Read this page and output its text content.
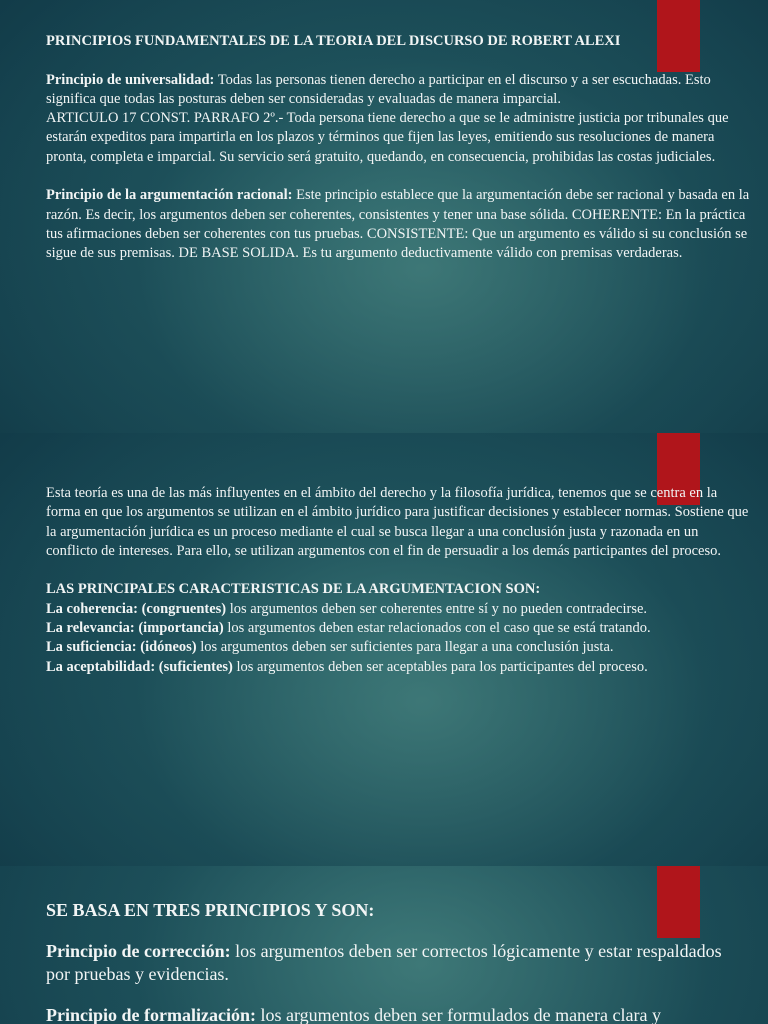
PRINCIPIOS FUNDAMENTALES DE LA TEORIA DEL DISCURSO DE ROBERT ALEXI

Principio de universalidad: Todas las personas tienen derecho a participar en el discurso y a ser escuchadas. Esto significa que todas las posturas deben ser consideradas y evaluadas de manera imparcial.

ARTICULO 17 CONST. PARRAFO 2º.- Toda persona tiene derecho a que se le administre justicia por tribunales que estarán expeditos para impartirla en los plazos y términos que fijen las leyes, emitiendo sus resoluciones de manera pronta, completa e imparcial. Su servicio será gratuito, quedando, en consecuencia, prohibidas las costas judiciales.

Principio de la argumentación racional: Este principio establece que la argumentación debe ser racional y basada en la razón. Es decir, los argumentos deben ser coherentes, consistentes y tener una base sólida. COHERENTE: En la práctica tus afirmaciones deben ser coherentes con tus pruebas. CONSISTENTE: Que un argumento es válido si su conclusión se sigue de sus premisas. DE BASE SOLIDA. Es tu argumento deductivamente válido con premisas verdaderas.

Esta teoría es una de las más influyentes en el ámbito del derecho y la filosofía jurídica, tenemos que se centra en la forma en que los argumentos se utilizan en el ámbito jurídico para justificar decisiones y establecer normas. Sostiene que la argumentación jurídica es un proceso mediante el cual se busca llegar a una conclusión justa y razonada en un conflicto de intereses. Para ello, se utilizan argumentos con el fin de persuadir a los demás participantes del proceso.

LAS PRINCIPALES CARACTERISTICAS DE LA ARGUMENTACION SON:

La coherencia: (congruentes) los argumentos deben ser coherentes entre sí y no pueden contradecirse.

La relevancia: (importancia) los argumentos deben estar relacionados con el caso que se está tratando.

La suficiencia: (idóneos) los argumentos deben ser suficientes para llegar a una conclusión justa.

La aceptabilidad: (suficientes) los argumentos deben ser aceptables para los participantes del proceso.

SE BASA EN TRES PRINCIPIOS Y SON:

Principio de corrección: los argumentos deben ser correctos lógicamente y estar respaldados por pruebas y evidencias.

Principio de formalización: los argumentos deben ser formulados de manera clara y
